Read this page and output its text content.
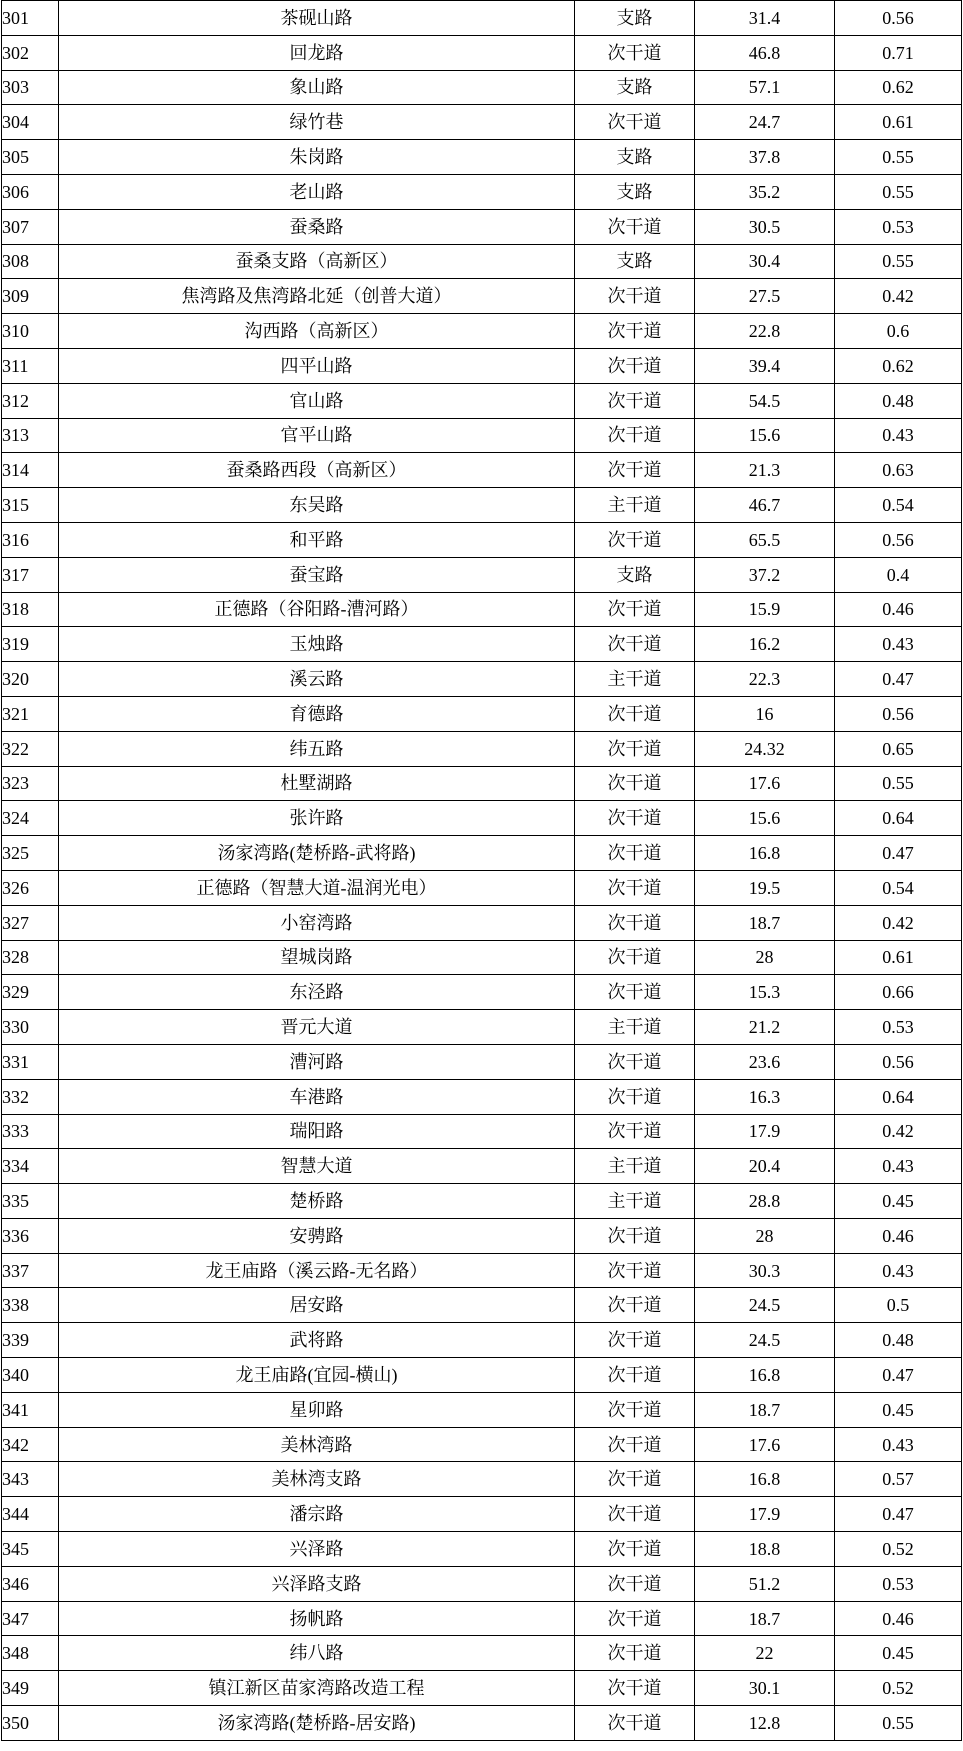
301	茶砚山路	支路	31.4	0.56
302	回龙路	次干道	46.8	0.71
303	象山路	支路	57.1	0.62
304	绿竹巷	次干道	24.7	0.61
305	朱岗路	支路	37.8	0.55
306	老山路	支路	35.2	0.55
307	蚕桑路	次干道	30.5	0.53
308	蚕桑支路（高新区）	支路	30.4	0.55
309	焦湾路及焦湾路北延（创普大道）	次干道	27.5	0.42
310	沟西路（高新区）	次干道	22.8	0.6
311	四平山路	次干道	39.4	0.62
312	官山路	次干道	54.5	0.48
313	官平山路	次干道	15.6	0.43
314	蚕桑路西段（高新区）	次干道	21.3	0.63
315	东吴路	主干道	46.7	0.54
316	和平路	次干道	65.5	0.56
317	蚕宝路	支路	37.2	0.4
318	正德路（谷阳路-漕河路）	次干道	15.9	0.46
319	玉烛路	次干道	16.2	0.43
320	溪云路	主干道	22.3	0.47
321	育德路	次干道	16	0.56
322	纬五路	次干道	24.32	0.65
323	杜墅湖路	次干道	17.6	0.55
324	张许路	次干道	15.6	0.64
325	汤家湾路(楚桥路-武将路)	次干道	16.8	0.47
326	正德路（智慧大道-温润光电）	次干道	19.5	0.54
327	小窑湾路	次干道	18.7	0.42
328	望城岗路	次干道	28	0.61
329	东泾路	次干道	15.3	0.66
330	晋元大道	主干道	21.2	0.53
331	漕河路	次干道	23.6	0.56
332	车港路	次干道	16.3	0.64
333	瑞阳路	次干道	17.9	0.42
334	智慧大道	主干道	20.4	0.43
335	楚桥路	主干道	28.8	0.45
336	安骋路	次干道	28	0.46
337	龙王庙路（溪云路-无名路）	次干道	30.3	0.43
338	居安路	次干道	24.5	0.5
339	武将路	次干道	24.5	0.48
340	龙王庙路(宜园-横山)	次干道	16.8	0.47
341	星卯路	次干道	18.7	0.45
342	美林湾路	次干道	17.6	0.43
343	美林湾支路	次干道	16.8	0.57
344	潘宗路	次干道	17.9	0.47
345	兴泽路	次干道	18.8	0.52
346	兴泽路支路	次干道	51.2	0.53
347	扬帆路	次干道	18.7	0.46
348	纬八路	次干道	22	0.45
349	镇江新区苗家湾路改造工程	次干道	30.1	0.52
350	汤家湾路(楚桥路-居安路)	次干道	12.8	0.55
